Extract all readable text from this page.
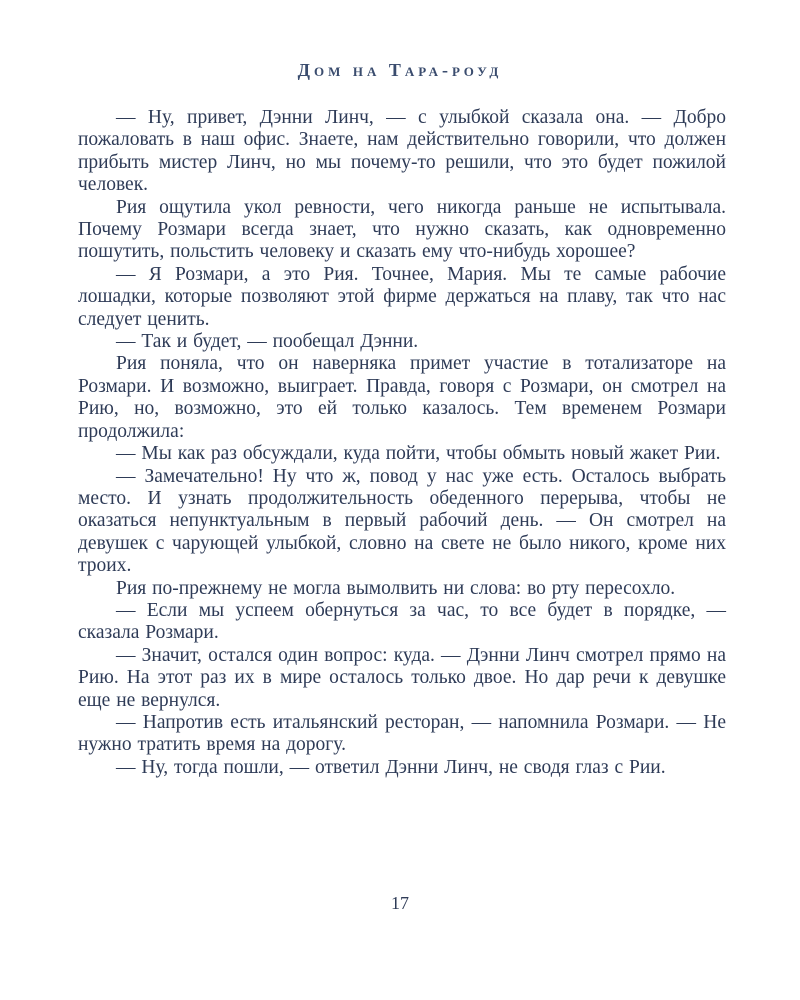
Дом на Тара-роуд

— Ну, привет, Дэнни Линч, — с улыбкой сказала она. — Добро пожаловать в наш офис. Знаете, нам действительно говорили, что должен прибыть мистер Линч, но мы почему-то решили, что это будет пожилой человек.

Рия ощутила укол ревности, чего никогда раньше не испытывала. Почему Розмари всегда знает, что нужно сказать, как одновременно пошутить, польстить человеку и сказать ему что-нибудь хорошее?

— Я Розмари, а это Рия. Точнее, Мария. Мы те самые рабочие лошадки, которые позволяют этой фирме держаться на плаву, так что нас следует ценить.

— Так и будет, — пообещал Дэнни.

Рия поняла, что он наверняка примет участие в тотализаторе на Розмари. И возможно, выиграет. Правда, говоря с Розмари, он смотрел на Рию, но, возможно, это ей только казалось. Тем временем Розмари продолжила:

— Мы как раз обсуждали, куда пойти, чтобы обмыть новый жакет Рии.

— Замечательно! Ну что ж, повод у нас уже есть. Осталось выбрать место. И узнать продолжительность обеденного перерыва, чтобы не оказаться непунктуальным в первый рабочий день. — Он смотрел на девушек с чарующей улыбкой, словно на свете не было никого, кроме них троих.

Рия по-прежнему не могла вымолвить ни слова: во рту пересохло.

— Если мы успеем обернуться за час, то все будет в порядке, — сказала Розмари.

— Значит, остался один вопрос: куда. — Дэнни Линч смотрел прямо на Рию. На этот раз их в мире осталось только двое. Но дар речи к девушке еще не вернулся.

— Напротив есть итальянский ресторан, — напомнила Розмари. — Не нужно тратить время на дорогу.

— Ну, тогда пошли, — ответил Дэнни Линч, не сводя глаз с Рии.

17
